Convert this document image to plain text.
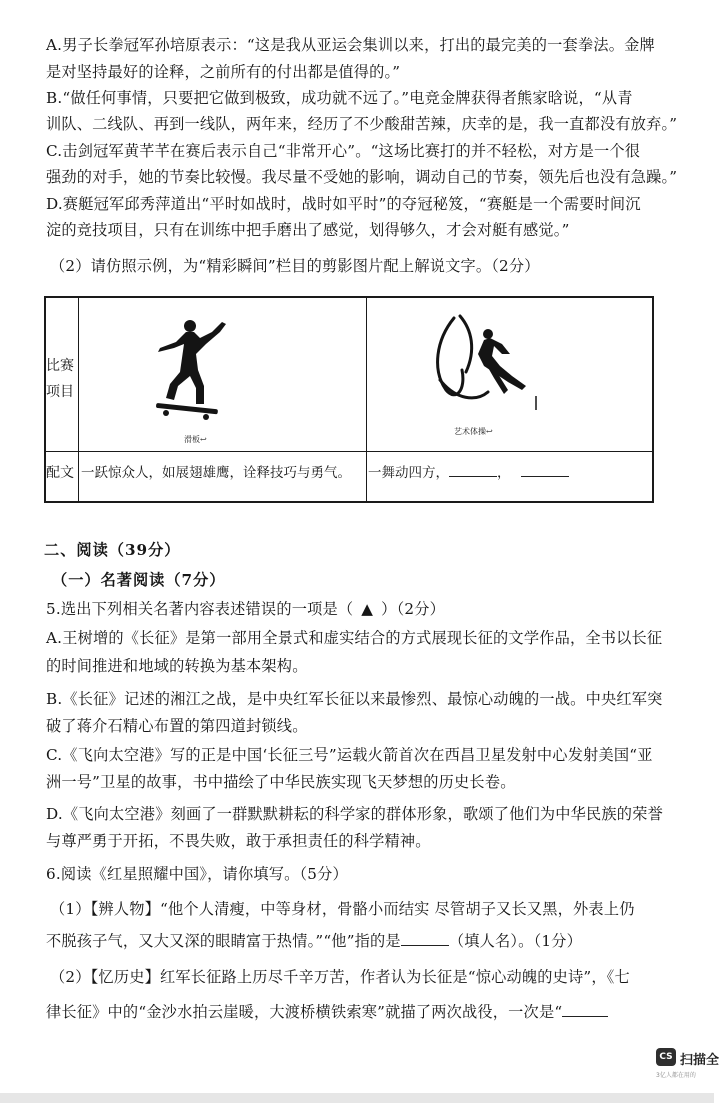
A.男子长拳冠军孙培原表示：“这是我从亚运会集训以来，打出的最完美的一套拳法。金牌
是对坚持最好的诠释，之前所有的付出都是值得的。”
B.“做任何事情，只要把它做到极致，成功就不远了。”电竞金牌获得者熊家晗说，“从青
训队、二线队、再到一线队，两年来，经历了不少酸甜苦辣，庆幸的是，我一直都没有放弃。”
C.击剑冠军黄芊芊在赛后表示自己“非常开心”。“这场比赛打的并不轻松，对方是一个很
强劲的对手，她的节奏比较慢。我尽量不受她的影响，调动自己的节奏，领先后也没有急躁。”
D.赛艇冠军邱秀萍道出“平时如战时，战时如平时”的夺冠秘笈，“赛艇是一个需要时间沉
淀的竞技项目，只有在训练中把手磨出了感觉，划得够久，才会对艇有感觉。”
（2）请仿照示例，为“精彩瞬间”栏目的剪影图片配上解说文字。（2分）
比赛
项目
滑板↩
艺术体操↩
配文 一跃惊众人，如展翅雄鹰，诠释技巧与勇气。 一舞动四方，	，
二、阅读（39分）
（一）名著阅读（7分）
5.选出下列相关名著内容表述错误的一项是（ ▲ ）（2分）
A.王树增的《长征》是第一部用全景式和虚实结合的方式展现长征的文学作品，全书以长征
的时间推进和地域的转换为基本架构。
B.《长征》记述的湘江之战，是中央红军长征以来最惨烈、最惊心动魄的一战。中央红军突
破了蒋介石精心布置的第四道封锁线。
C.《飞向太空港》写的正是中国‘长征三号”运载火箭首次在西昌卫星发射中心发射美国“亚
洲一号”卫星的故事，书中描绘了中华民族实现飞天梦想的历史长卷。
D.《飞向太空港》刻画了一群默默耕耘的科学家的群体形象，歌颂了他们为中华民族的荣誉
与尊严勇于开拓，不畏失败，敢于承担责任的科学精神。
6.阅读《红星照耀中国》，请你填写。（5分）
（1）【辨人物】“他个人清瘦，中等身材，骨骼小而结实 尽管胡子又长又黑，外表上仍
不脱孩子气，又大又深的眼睛富于热情。”“他”指的是	（填人名）。（1分）
（2）【忆历史】红军长征路上历尽千辛万苦，作者认为长征是“惊心动魄的史诗”，《七
律长征》中的“金沙水拍云崖暖，大渡桥横铁索寒”就描了两次战役，一次是“
CS 扫描全
3亿人都在用的
